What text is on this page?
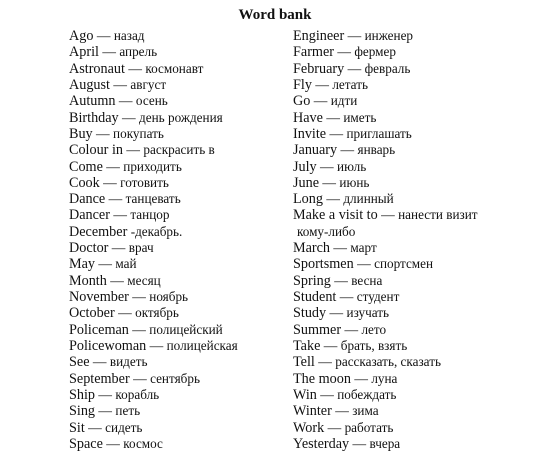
Word bank
Ago — назад
April — апрель
Astronaut — космонавт
August — август
Autumn — осень
Birthday — день рождения
Buy — покупать
Colour in — раскрасить в
Come — приходить
Cook — готовить
Dance — танцевать
Dancer — танцор
December -декабрь.
Doctor — врач
May — май
Month — месяц
November — ноябрь
October — октябрь
Policeman — полицейский
Policewoman — полицейская
See — видеть
September — сентябрь
Ship — корабль
Sing — петь
Sit — сидеть
Space — космос
Engineer — инженер
Farmer — фермер
February — февраль
Fly — летать
Go — идти
Have — иметь
Invite — приглашать
January — январь
July — июль
June — июнь
Long — длинный
Make a visit to — нанести визит
кому-либо
March — март
Sportsmen — спортсмен
Spring — весна
Student — студент
Study — изучать
Summer — лето
Take — брать, взять
Tell — рассказать, сказать
The moon — луна
Win — побеждать
Winter — зима
Work — работать
Yesterday — вчера
